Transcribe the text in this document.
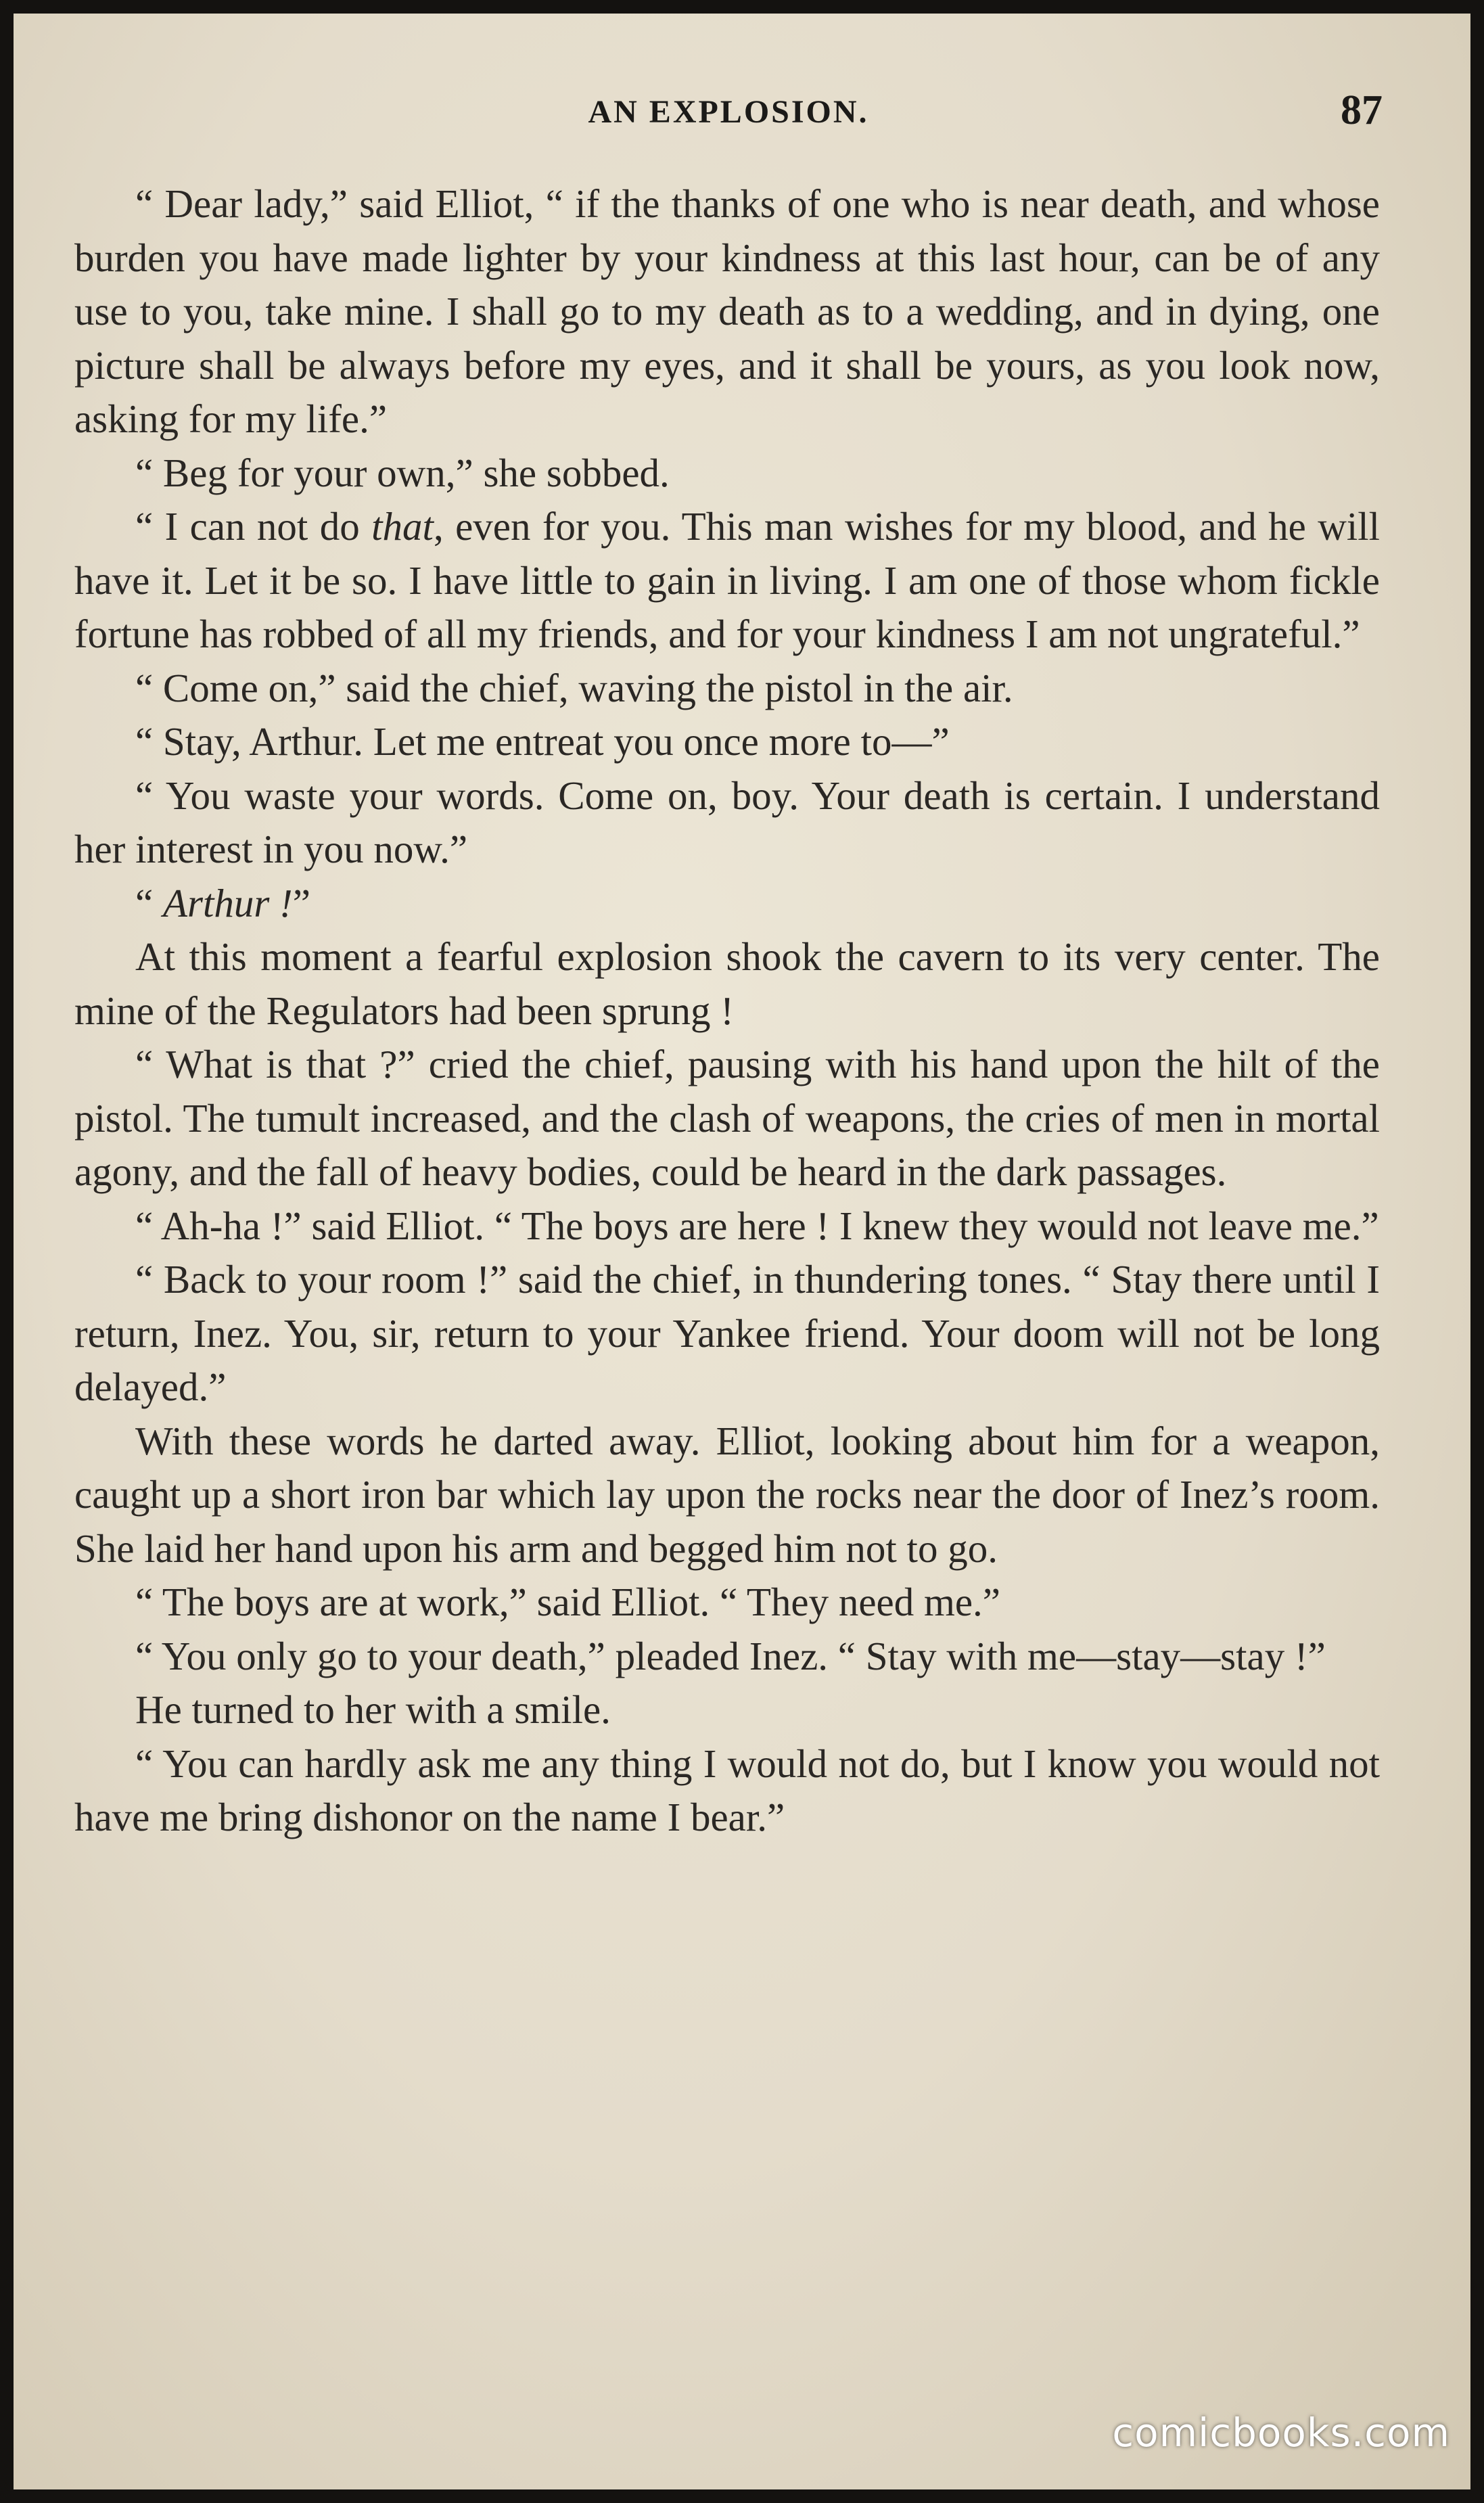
AN EXPLOSION.	87

“ Dear lady,” said Elliot, “ if the thanks of one who is near death, and whose burden you have made lighter by your kindness at this last hour, can be of any use to you, take mine. I shall go to my death as to a wedding, and in dying, one picture shall be always before my eyes, and it shall be yours, as you look now, asking for my life.”

“ Beg for your own,” she sobbed.

“ I can not do that, even for you. This man wishes for my blood, and he will have it. Let it be so. I have little to gain in living. I am one of those whom fickle fortune has robbed of all my friends, and for your kindness I am not ungrateful.”

“ Come on,” said the chief, waving the pistol in the air.

“ Stay, Arthur. Let me entreat you once more to—”

“ You waste your words. Come on, boy. Your death is certain. I understand her interest in you now.”

“ Arthur !”

At this moment a fearful explosion shook the cavern to its very center. The mine of the Regulators had been sprung !

“ What is that ?” cried the chief, pausing with his hand upon the hilt of the pistol. The tumult increased, and the clash of weapons, the cries of men in mortal agony, and the fall of heavy bodies, could be heard in the dark passages.

“ Ah-ha !” said Elliot. “ The boys are here ! I knew they would not leave me.”

“ Back to your room !” said the chief, in thundering tones. “ Stay there until I return, Inez. You, sir, return to your Yankee friend. Your doom will not be long delayed.”

With these words he darted away. Elliot, looking about him for a weapon, caught up a short iron bar which lay upon the rocks near the door of Inez’s room. She laid her hand upon his arm and begged him not to go.

“ The boys are at work,” said Elliot. “ They need me.”

“ You only go to your death,” pleaded Inez. “ Stay with me—stay—stay !”

He turned to her with a smile.

“ You can hardly ask me any thing I would not do, but I know you would not have me bring dishonor on the name I bear.”

comicbooks.com
